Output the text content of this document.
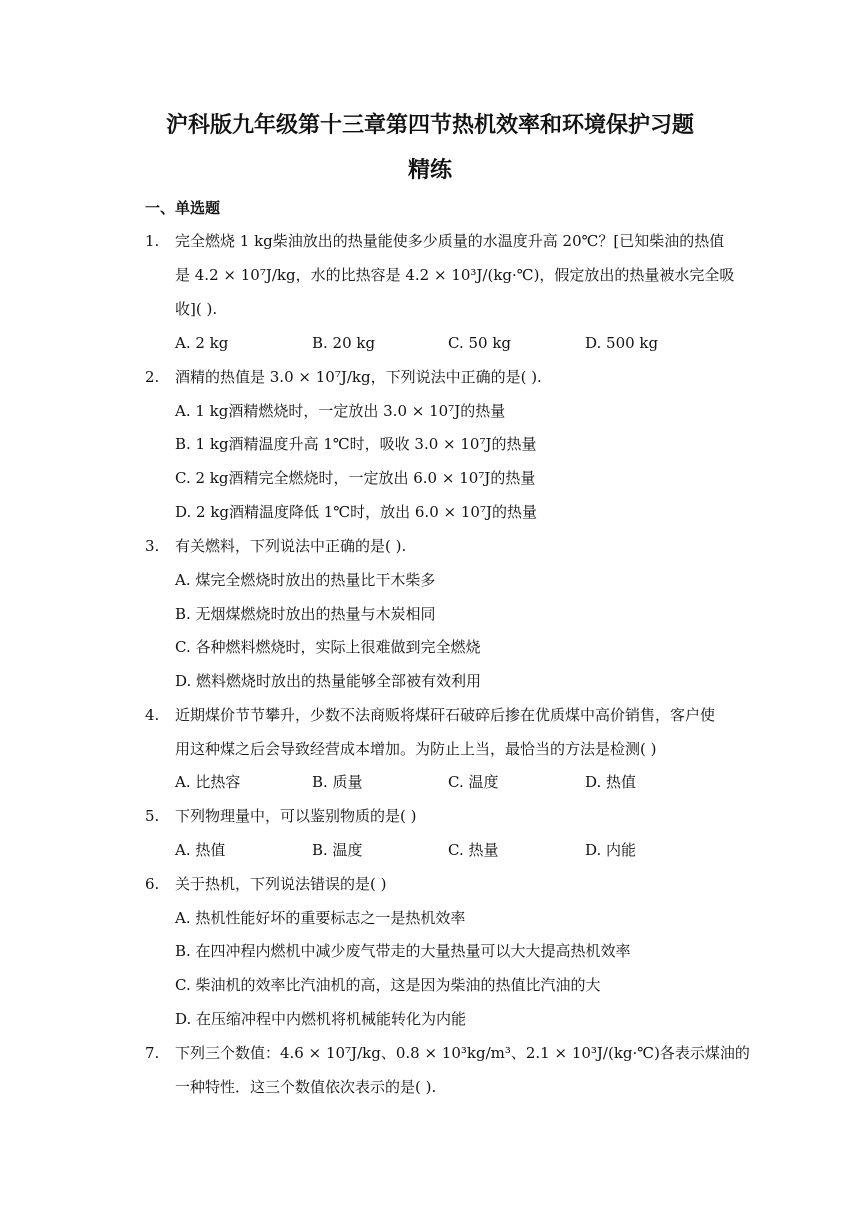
沪科版九年级第十三章第四节热机效率和环境保护习题
精练
一、单选题
1. 完全燃烧 1 kg柴油放出的热量能使多少质量的水温度升高 20℃？[已知柴油的热值
是 4.2 × 10⁷J/kg，水的比热容是 4.2 × 10³J/(kg·℃)，假定放出的热量被水完全吸
收]( ).
A. 2 kg	B. 20 kg	C. 50 kg	D. 500 kg
2. 酒精的热值是 3.0 × 10⁷J/kg，下列说法中正确的是( ).
A. 1 kg酒精燃烧时，一定放出 3.0 × 10⁷J的热量
B. 1 kg酒精温度升高 1℃时，吸收 3.0 × 10⁷J的热量
C. 2 kg酒精完全燃烧时，一定放出 6.0 × 10⁷J的热量
D. 2 kg酒精温度降低 1℃时，放出 6.0 × 10⁷J的热量
3. 有关燃料，下列说法中正确的是( ).
A. 煤完全燃烧时放出的热量比干木柴多
B. 无烟煤燃烧时放出的热量与木炭相同
C. 各种燃料燃烧时，实际上很难做到完全燃烧
D. 燃料燃烧时放出的热量能够全部被有效利用
4. 近期煤价节节攀升，少数不法商贩将煤矸石破碎后掺在优质煤中高价销售，客户使
用这种煤之后会导致经营成本增加。为防止上当，最恰当的方法是检测( )
A. 比热容	B. 质量	C. 温度	D. 热值
5. 下列物理量中，可以鉴别物质的是( )
A. 热值	B. 温度	C. 热量	D. 内能
6. 关于热机，下列说法错误的是( )
A. 热机性能好坏的重要标志之一是热机效率
B. 在四冲程内燃机中减少废气带走的大量热量可以大大提高热机效率
C. 柴油机的效率比汽油机的高，这是因为柴油的热值比汽油的大
D. 在压缩冲程中内燃机将机械能转化为内能
7. 下列三个数值：4.6 × 10⁷J/kg、0.8 × 10³kg/m³、2.1 × 10³J/(kg·℃)各表示煤油的
一种特性．这三个数值依次表示的是( ).
